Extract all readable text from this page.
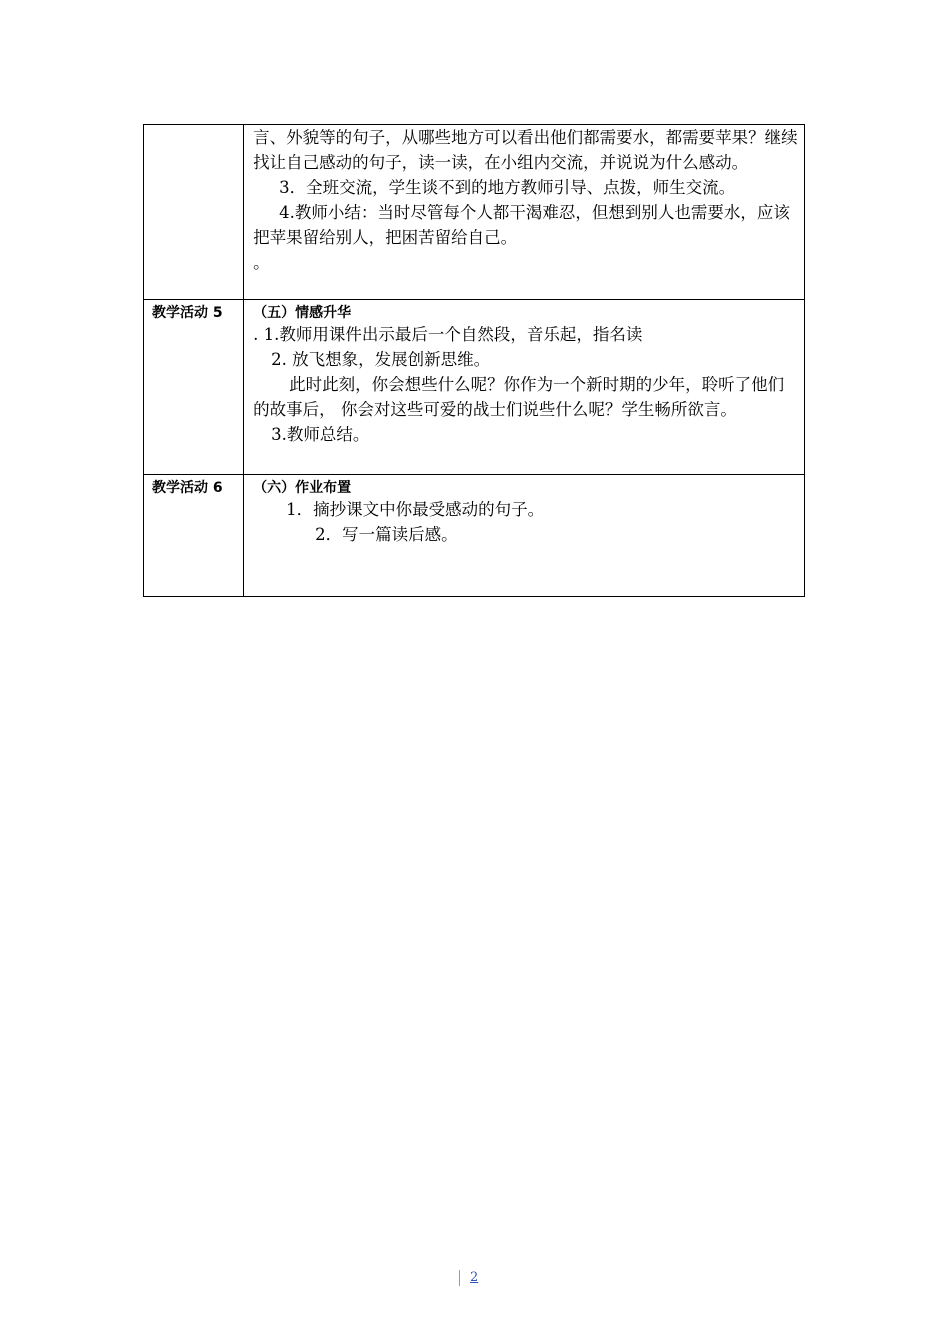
	言、外貌等的句子，从哪些地方可以看出他们都需要水，都需要苹果？继续找让自己感动的句子，读一读，在小组内交流，并说说为什么感动。

3．全班交流，学生谈不到的地方教师引导、点拨，师生交流。

4.教师小结：当时尽管每个人都干渴难忍，但想到别人也需要水，应该把苹果留给别人，把困苦留给自己。

。

教学活动 5	（五）情感升华

. 1.教师用课件出示最后一个自然段，音乐起，指名读

2. 放飞想象，发展创新思维。

此时此刻，你会想些什么呢？你作为一个新时期的少年，聆听了他们的故事后， 你会对这些可爱的战士们说些什么呢？学生畅所欲言。

3.教师总结。

教学活动 6	（六）作业布置

1．摘抄课文中你最受感动的句子。

2．写一篇读后感。

2
